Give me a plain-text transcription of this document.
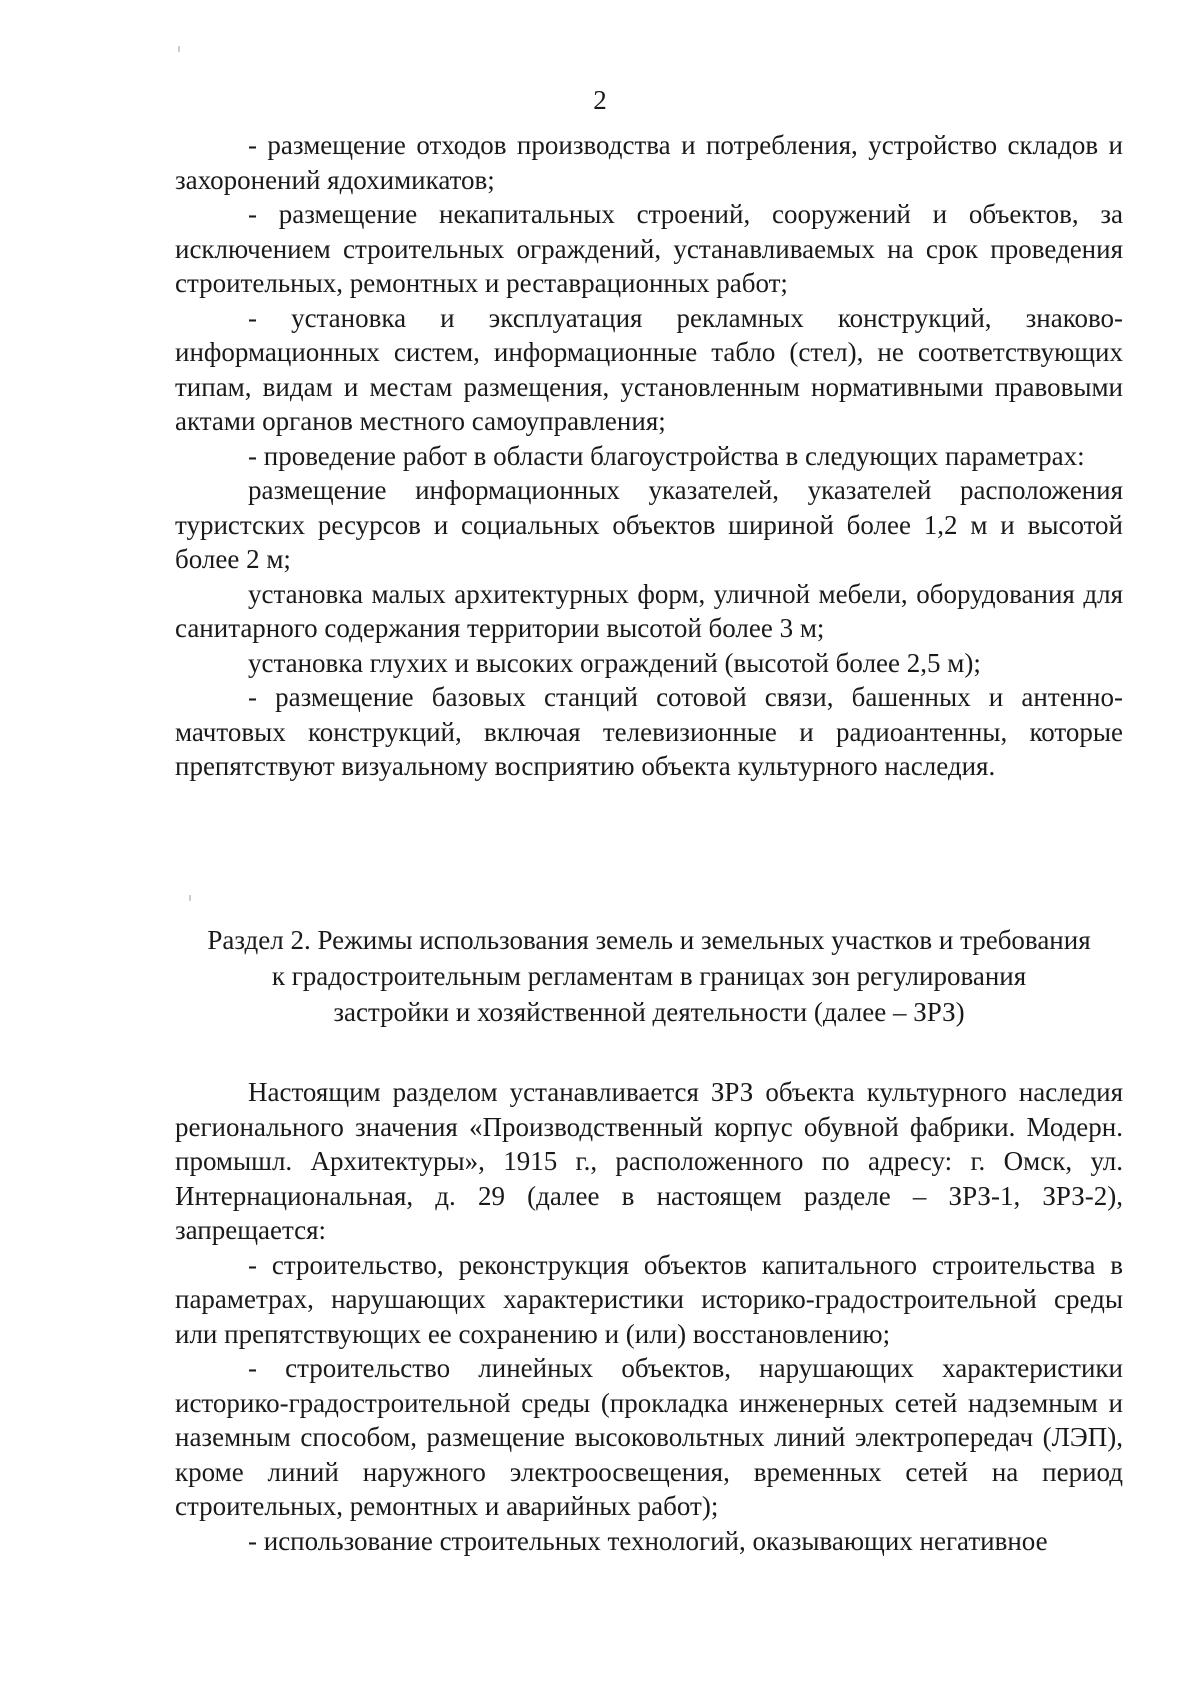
2

- размещение отходов производства и потребления, устройство складов и захоронений ядохимикатов;

- размещение некапитальных строений, сооружений и объектов, за исключением строительных ограждений, устанавливаемых на срок проведения строительных, ремонтных и реставрационных работ;

- установка и эксплуатация рекламных конструкций, знаково-информационных систем, информационные табло (стел), не соответствующих типам, видам и местам размещения, установленным нормативными правовыми актами органов местного самоуправления;

- проведение работ в области благоустройства в следующих параметрах:

размещение информационных указателей, указателей расположения туристских ресурсов и социальных объектов шириной более 1,2 м и высотой более 2 м;

установка малых архитектурных форм, уличной мебели, оборудования для санитарного содержания территории высотой более 3 м;

установка глухих и высоких ограждений (высотой более 2,5 м);

- размещение базовых станций сотовой связи, башенных и антенно-мачтовых конструкций, включая телевизионные и радиоантенны, которые препятствуют визуальному восприятию объекта культурного наследия.

Раздел 2. Режимы использования земель и земельных участков и требования
к градостроительным регламентам в границах зон регулирования
застройки и хозяйственной деятельности (далее – ЗРЗ)

Настоящим разделом устанавливается ЗРЗ объекта культурного наследия регионального значения «Производственный корпус обувной фабрики. Модерн. промышл. Архитектуры», 1915 г., расположенного по адресу: г. Омск, ул. Интернациональная, д. 29 (далее в настоящем разделе – ЗРЗ-1, ЗРЗ-2), запрещается:

- строительство, реконструкция объектов капитального строительства в параметрах, нарушающих характеристики историко-градостроительной среды или препятствующих ее сохранению и (или) восстановлению;

- строительство линейных объектов, нарушающих характеристики историко-градостроительной среды (прокладка инженерных сетей надземным и наземным способом, размещение высоковольтных линий электропередач (ЛЭП), кроме линий наружного электроосвещения, временных сетей на период строительных, ремонтных и аварийных работ);

- использование строительных технологий, оказывающих негативное
